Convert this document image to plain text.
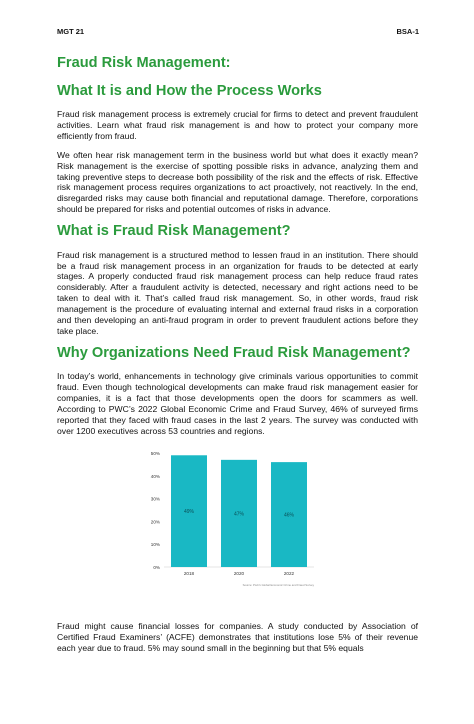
MGT 21	BSA-1
Fraud Risk Management:
What It is and How the Process Works

Fraud risk management process is extremely crucial for firms to detect and prevent fraudulent activities. Learn what fraud risk management is and how to protect your company more efficiently from fraud.

We often hear risk management term in the business world but what does it exactly mean? Risk management is the exercise of spotting possible risks in advance, analyzing them and taking preventive steps to decrease both possibility of the risk and the effects of risk. Effective risk management process requires organizations to act proactively, not reactively. In the end, disregarded risks may cause both financial and reputational damage. Therefore, corporations should be prepared for risks and potential outcomes of risks in advance.

What is Fraud Risk Management?

Fraud risk management is a structured method to lessen fraud in an institution. There should be a fraud risk management process in an organization for frauds to be detected at early stages. A properly conducted fraud risk management process can help reduce fraud rates considerably. After a fraudulent activity is detected, necessary and right actions need to be taken to deal with it. That’s called fraud risk management. So, in other words, fraud risk management is the procedure of evaluating internal and external fraud risks in a corporation and then developing an anti-fraud program in order to prevent fraudulent actions before they take place.

Why Organizations Need Fraud Risk Management?

In today’s world, enhancements in technology give criminals various opportunities to commit fraud. Even though technological developments can make fraud risk management easier for companies, it is a fact that those developments open the doors for scammers as well. According to PWC’s 2022 Global Economic Crime and Fraud Survey, 46% of surveyed firms reported that they faced with fraud cases in the last 2 years. The survey was conducted with over 1200 executives across 53 countries and regions.

0%
10%
20%
30%
40%
50%
49%
2018
47%
2020
46%
2022
Source: PwC's Global Economic Crime and Fraud Survey

Fraud might cause financial losses for companies. A study conducted by Association of Certified Fraud Examiners’ (ACFE) demonstrates that institutions lose 5% of their revenue each year due to fraud. 5% may sound small in the beginning but that 5% equals
